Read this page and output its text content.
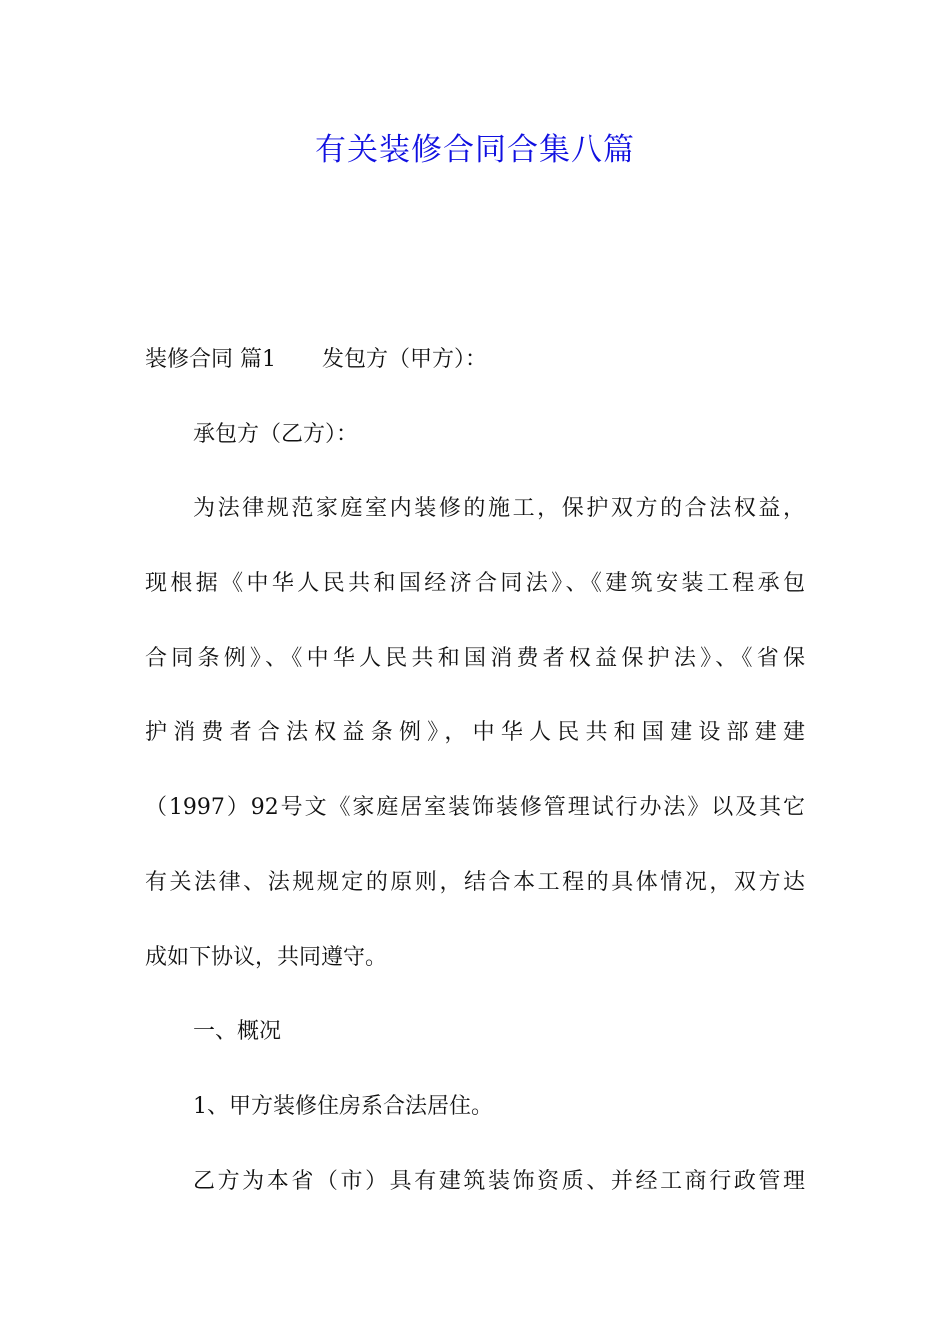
有关装修合同合集八篇
装修合同 篇1 发包方（甲方）：
承包方（乙方）：
为法律规范家庭室内装修的施工，保护双方的合法权益，
现根据《中华人民共和国经济合同法》、《建筑安装工程承包
合同条例》、《中华人民共和国消费者权益保护法》、《省保
护消费者合法权益条例》，中华人民共和国建设部建建
（1997）92号文《家庭居室装饰装修管理试行办法》以及其它
有关法律、法规规定的原则，结合本工程的具体情况，双方达
成如下协议，共同遵守。
一、概况
1、甲方装修住房系合法居住。
乙方为本省（市）具有建筑装饰资质、并经工商行政管理
